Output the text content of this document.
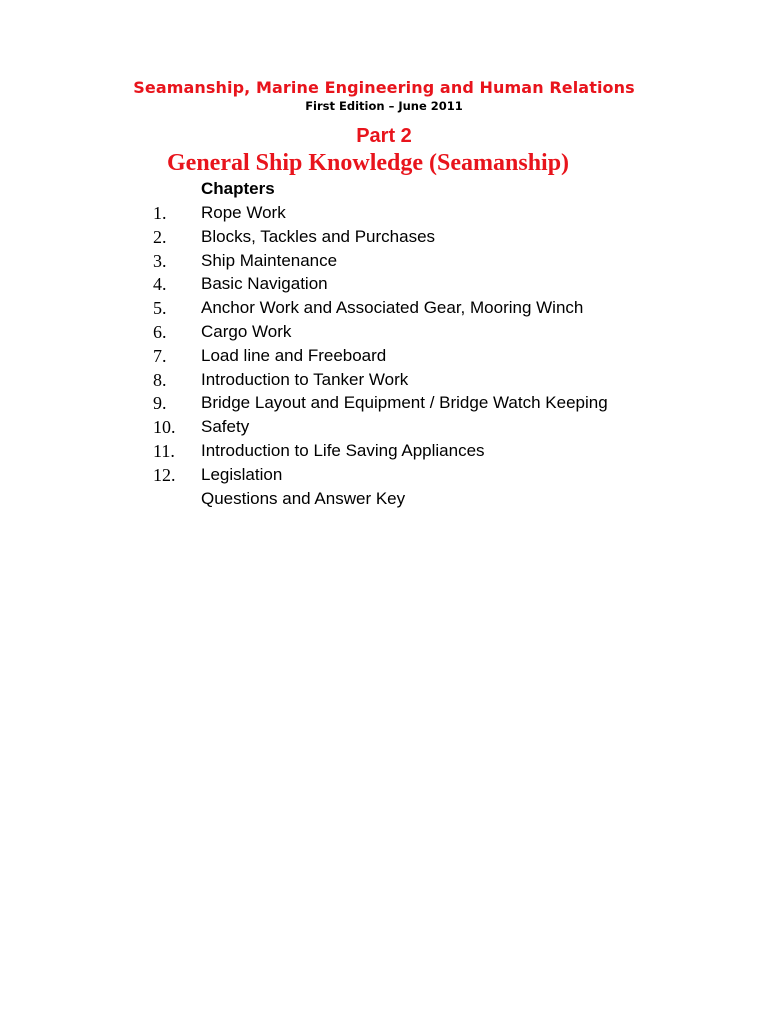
Seamanship, Marine Engineering and Human Relations
First Edition – June 2011
Part 2
General Ship Knowledge (Seamanship)
Chapters
1. Rope Work
2. Blocks, Tackles and Purchases
3. Ship Maintenance
4. Basic Navigation
5. Anchor Work and Associated Gear, Mooring Winch
6. Cargo Work
7. Load line and Freeboard
8. Introduction to Tanker Work
9. Bridge Layout and Equipment / Bridge Watch Keeping
10. Safety
11. Introduction to Life Saving Appliances
12. Legislation
Questions and Answer Key
